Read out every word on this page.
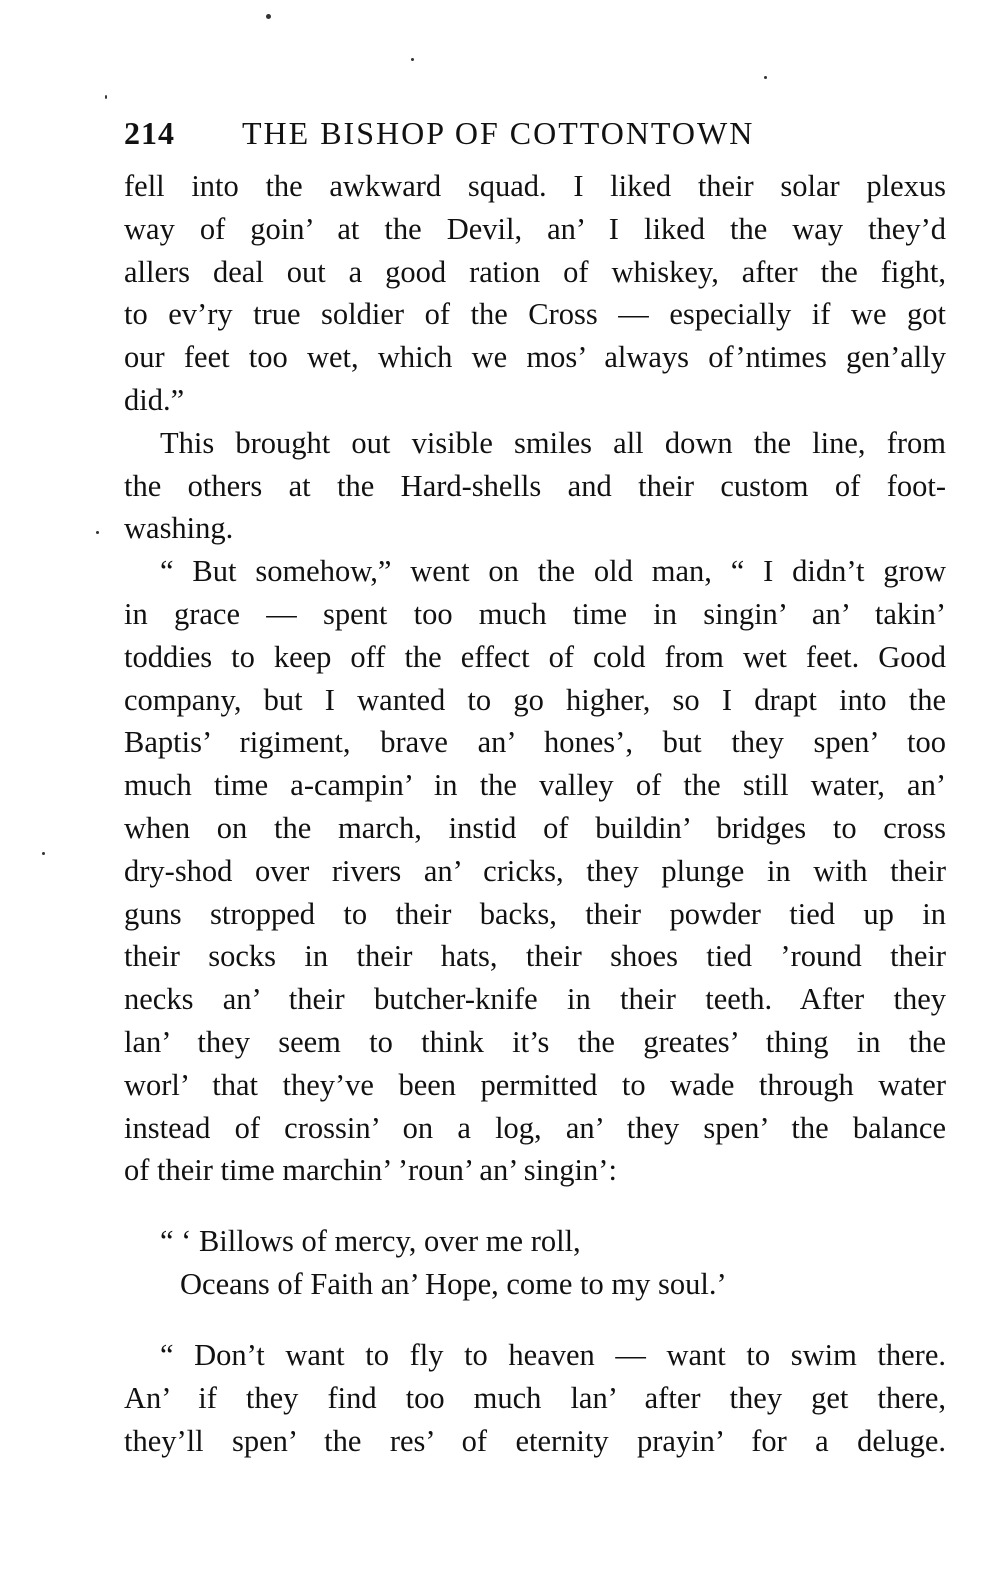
214	THE BISHOP OF COTTONTOWN

fell into the awkward squad. I liked their solar plexus
way of goin’ at the Devil, an’ I liked the way they’d
allers deal out a good ration of whiskey, after the fight,
to ev’ry true soldier of the Cross — especially if we got
our feet too wet, which we mos’ always of’ntimes gen’ally
did.”

This brought out visible smiles all down the line, from
the others at the Hard-shells and their custom of foot-
washing.

“ But somehow,” went on the old man, “ I didn’t grow
in grace — spent too much time in singin’ an’ takin’
toddies to keep off the effect of cold from wet feet. Good
company, but I wanted to go higher, so I drapt into the
Baptis’ rigiment, brave an’ hones’, but they spen’ too
much time a-campin’ in the valley of the still water, an’
when on the march, instid of buildin’ bridges to cross
dry-shod over rivers an’ cricks, they plunge in with their
guns stropped to their backs, their powder tied up in
their socks in their hats, their shoes tied ’round their
necks an’ their butcher-knife in their teeth. After they
lan’ they seem to think it’s the greates’ thing in the
worl’ that they’ve been permitted to wade through water
instead of crossin’ on a log, an’ they spen’ the balance
of their time marchin’ ’roun’ an’ singin’:

“ ‘ Billows of mercy, over me roll,
Oceans of Faith an’ Hope, come to my soul.’

“ Don’t want to fly to heaven — want to swim there.
An’ if they find too much lan’ after they get there,
they’ll spen’ the res’ of eternity prayin’ for a deluge.
